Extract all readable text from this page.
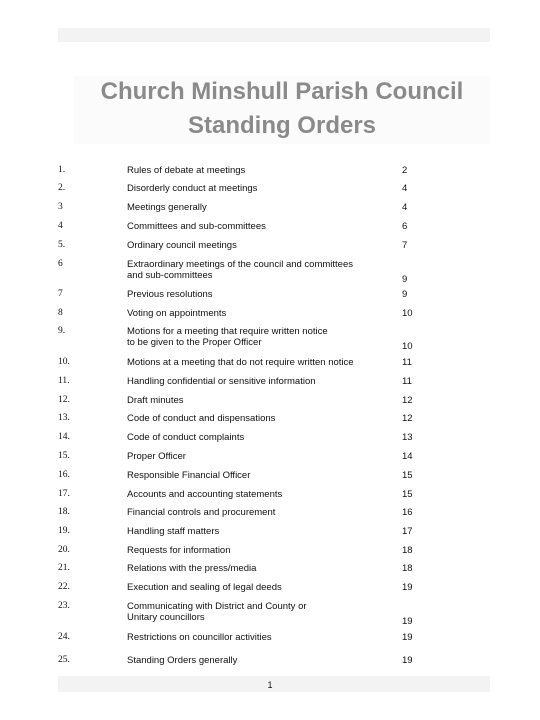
Church Minshull Parish Council
Standing Orders
1.	Rules of debate at meetings	2
2.	Disorderly conduct at meetings	4
3	Meetings generally	4
4	Committees and sub-committees	6
5.	Ordinary council meetings	7
6	Extraordinary meetings of the council and committees
and sub-committees	9
7	Previous resolutions	9
8	Voting on appointments	10
9.	Motions for a meeting that require written notice
to be given to the Proper Officer	10
10.	Motions at a meeting that do not require written notice	11
11.	Handling confidential or sensitive information	11
12.	Draft minutes	12
13.	Code of conduct and dispensations	12
14.	Code of conduct complaints	13
15.	Proper Officer	14
16.	Responsible Financial Officer	15
17.	Accounts and accounting statements	15
18.	Financial controls and procurement	16
19.	Handling staff matters	17
20.	Requests for information	18
21.	Relations with the press/media	18
22.	Execution and sealing of legal deeds	19
23.	Communicating with District and County or
Unitary councillors	19
24.	Restrictions on councillor activities	19
25.	Standing Orders generally	19
1
